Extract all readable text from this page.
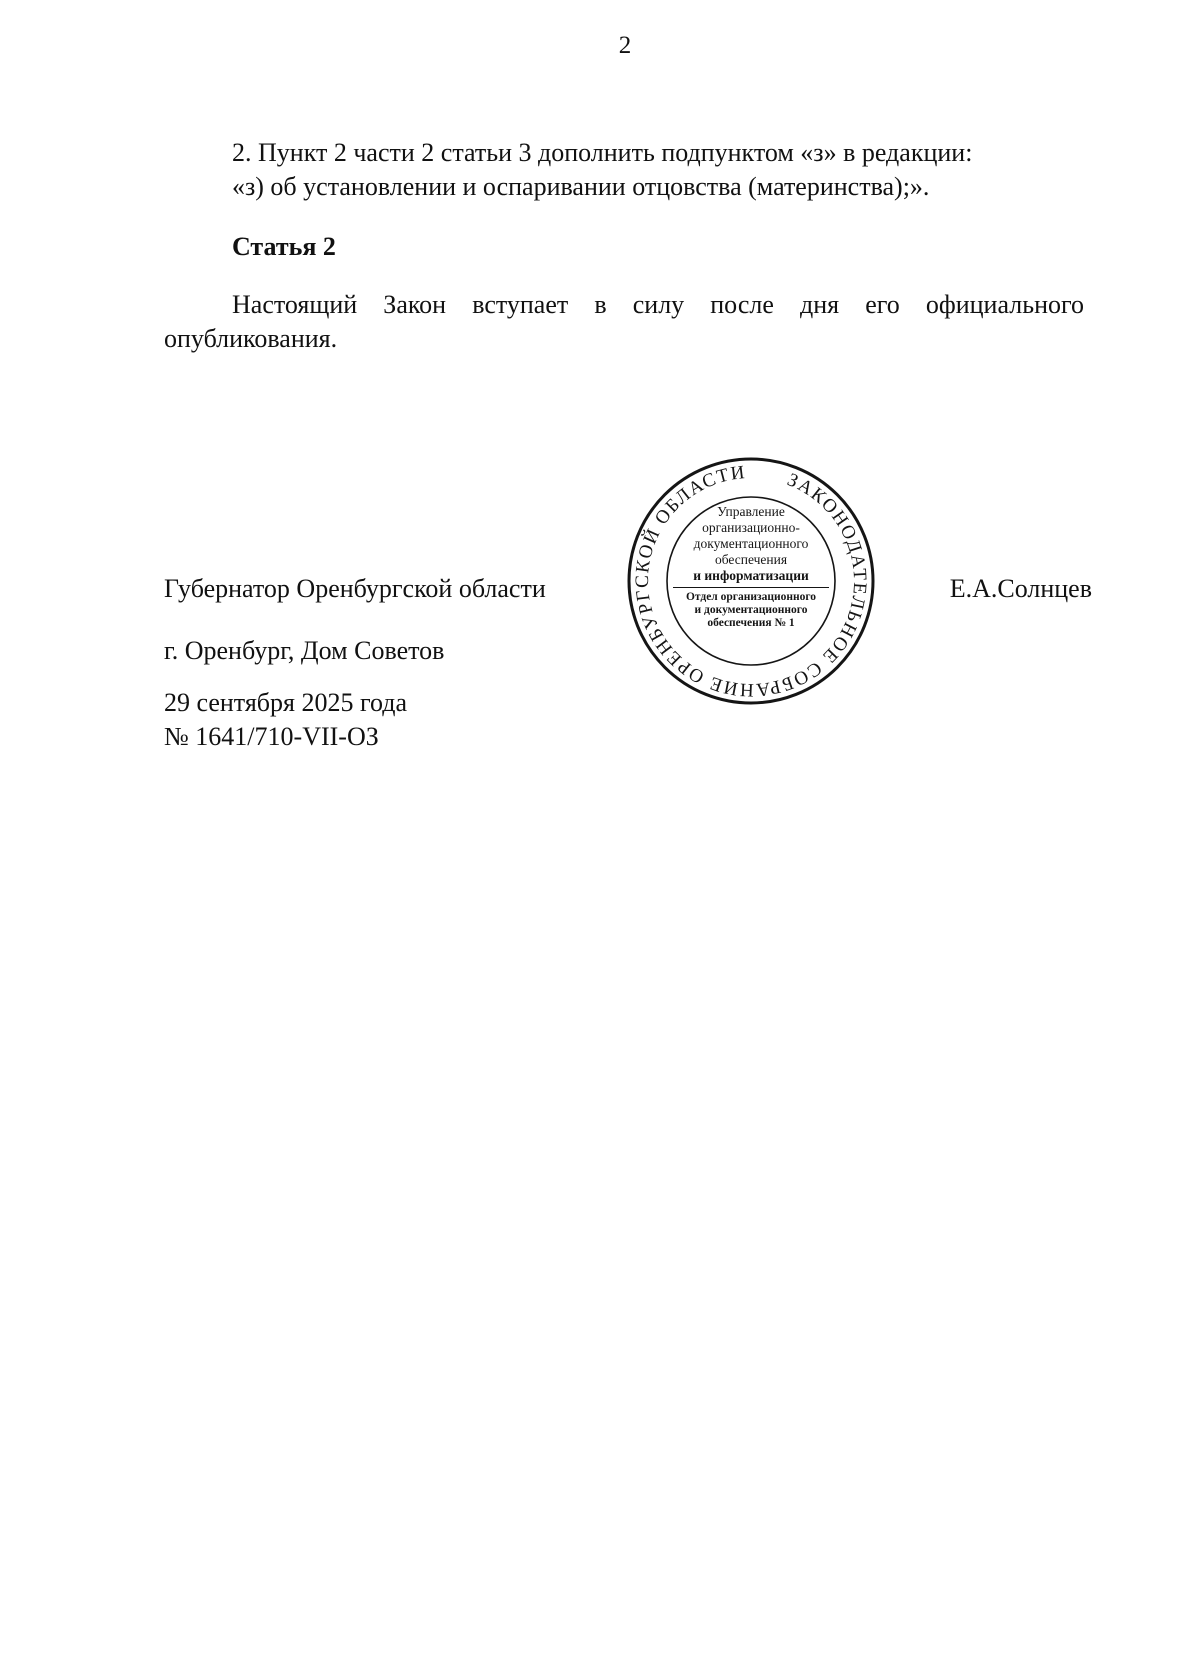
2
2. Пункт 2 части 2 статьи 3 дополнить подпунктом «з» в редакции:
«з) об установлении и оспаривании отцовства (материнства);».
Статья 2
Настоящий Закон вступает в силу после дня его официального
опубликования.
Губернатор Оренбургской области	Е.А.Солнцев
ЗАКОНОДАТЕЛЬНОЕ СОБРАНИЕ ОРЕНБУРГСКОЙ ОБЛАСТИ
Управление
организационно-
документационного
обеспечения
и информатизации
Отдел организационного
и документационного
обеспечения № 1
г. Оренбург, Дом Советов
29 сентября 2025 года
№ 1641/710-VII-ОЗ
